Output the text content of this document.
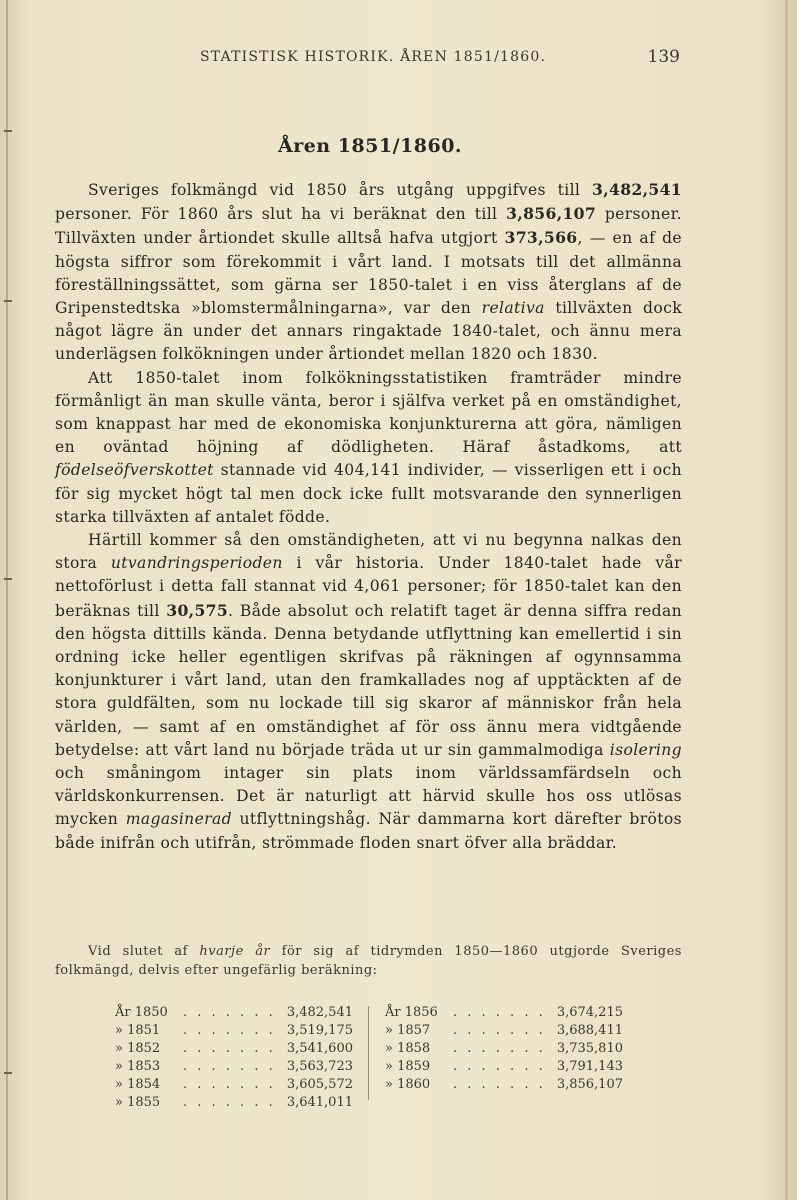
STATISTISK HISTORIK. ÅREN 1851/1860.	139
Åren 1851/1860.

Sveriges folkmängd vid 1850 års utgång uppgifves till 3,482,541 personer. För 1860 års slut ha vi beräknat den till 3,856,107 personer. Tillväxten under årtiondet skulle alltså hafva utgjort 373,566, — en af de högsta siffror som förekommit i vårt land. I motsats till det allmänna föreställningssättet, som gärna ser 1850-talet i en viss återglans af de Gripenstedtska »blomstermålningarna», var den relativa tillväxten dock något lägre än under det annars ringaktade 1840-talet, och ännu mera underlägsen folkökningen under årtiondet mellan 1820 och 1830.

Att 1850-talet inom folkökningsstatistiken framträder mindre förmånligt än man skulle vänta, beror i själfva verket på en omständighet, som knappast har med de ekonomiska konjunkturerna att göra, nämligen en oväntad höjning af dödligheten. Häraf åstadkoms, att födelseöfverskottet stannade vid 404,141 individer, — visserligen ett i och för sig mycket högt tal men dock icke fullt motsvarande den synnerligen starka tillväxten af antalet födde.

Härtill kommer så den omständigheten, att vi nu begynna nalkas den stora utvandringsperioden i vår historia. Under 1840-talet hade vår nettoförlust i detta fall stannat vid 4,061 personer; för 1850-talet kan den beräknas till 30,575. Både absolut och relatift taget är denna siffra redan den högsta dittills kända. Denna betydande utflyttning kan emellertid i sin ordning icke heller egentligen skrifvas på räkningen af ogynnsamma konjunkturer i vårt land, utan den framkallades nog af upptäckten af de stora guldfälten, som nu lockade till sig skaror af människor från hela världen, — samt af en omständighet af för oss ännu mera vidtgående betydelse: att vårt land nu började träda ut ur sin gammalmodiga isolering och småningom intager sin plats inom världssamfärdseln och världskonkurrensen. Det är naturligt att härvid skulle hos oss utlösas mycken magasinerad utflyttningshåg. När dammarna kort därefter brötos både inifrån och utifrån, strömmade floden snart öfver alla bräddar.

Vid slutet af hvarje år för sig af tidrymden 1850—1860 utgjorde Sveriges folkmängd, delvis efter ungefärlig beräkning:

År 1850	. . . . . . . 3,482,541
» 1851	. . . . . . . 3,519,175
» 1852	. . . . . . . 3,541,600
» 1853	. . . . . . . 3,563,723
» 1854	. . . . . . . 3,605,572
» 1855	. . . . . . . 3,641,011
År 1856	. . . . . . . 3,674,215
» 1857	. . . . . . . 3,688,411
» 1858	. . . . . . . 3,735,810
» 1859	. . . . . . . 3,791,143
» 1860	. . . . . . . 3,856,107
